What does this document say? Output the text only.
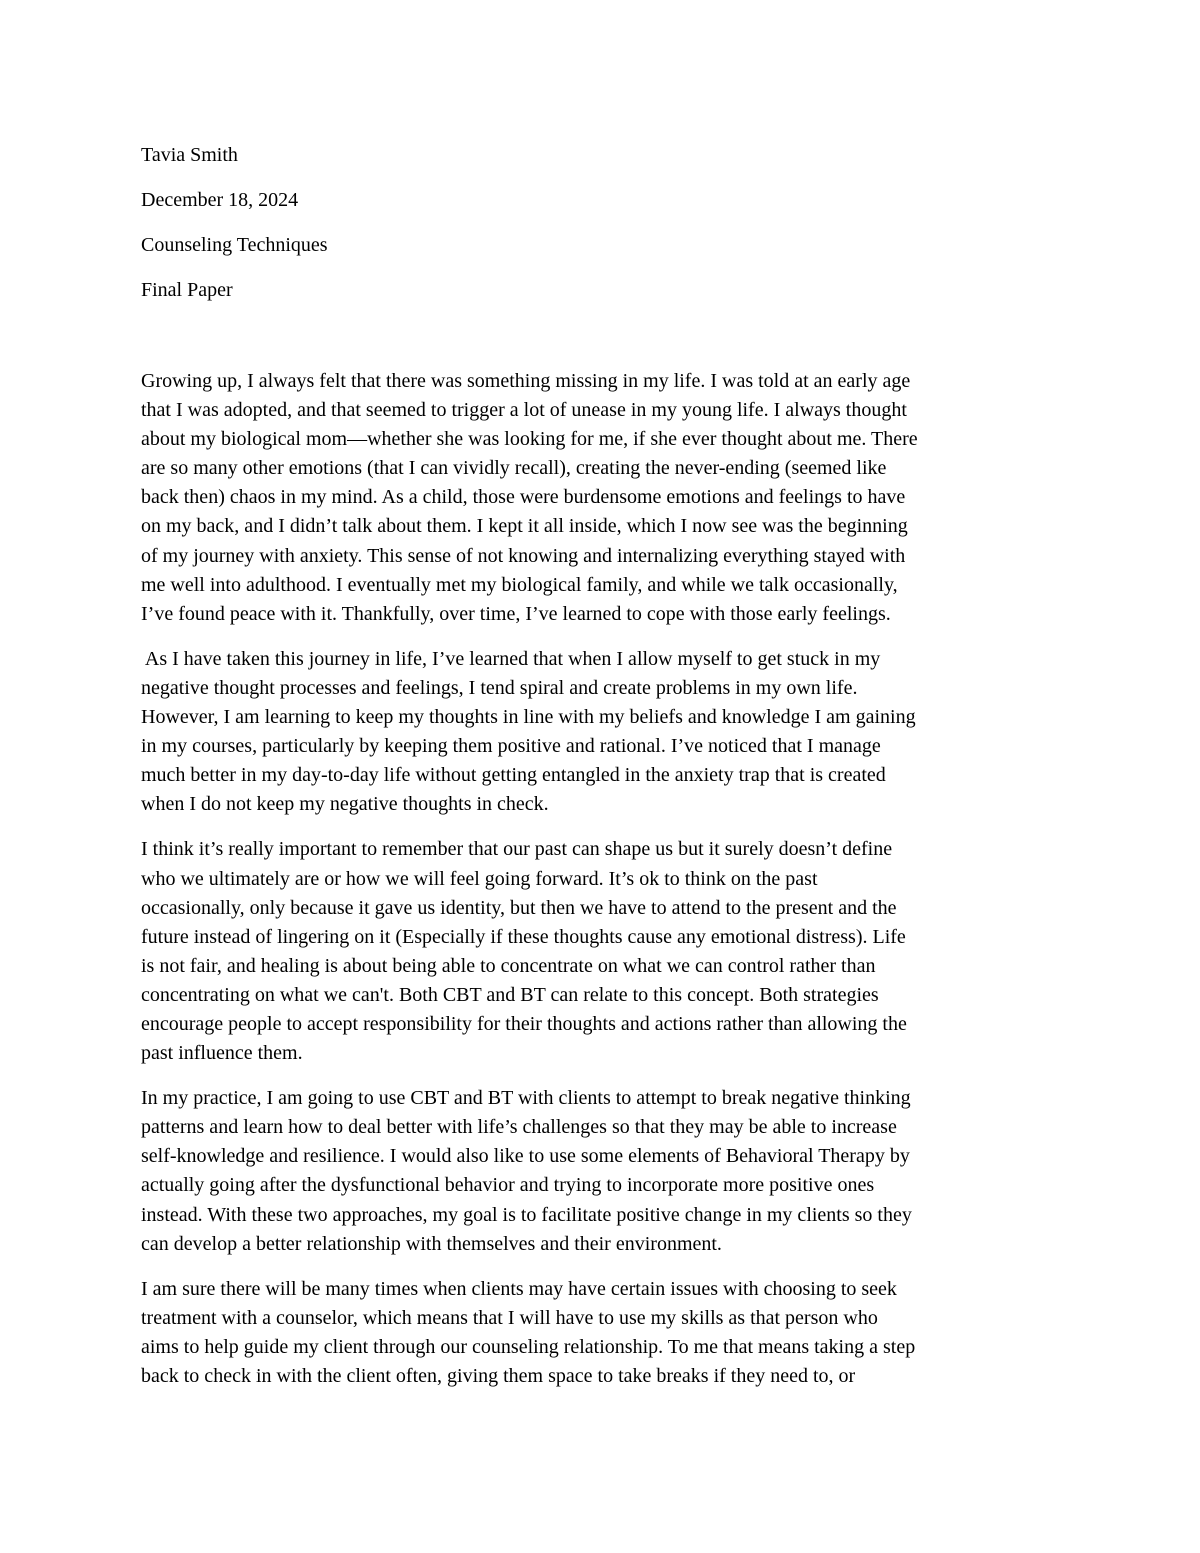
Tavia Smith
December 18, 2024
Counseling Techniques
Final Paper
Growing up, I always felt that there was something missing in my life. I was told at an early age
that I was adopted, and that seemed to trigger a lot of unease in my young life. I always thought
about my biological mom—whether she was looking for me, if she ever thought about me. There
are so many other emotions (that I can vividly recall), creating the never-ending (seemed like
back then) chaos in my mind. As a child, those were burdensome emotions and feelings to have
on my back, and I didn’t talk about them. I kept it all inside, which I now see was the beginning
of my journey with anxiety. This sense of not knowing and internalizing everything stayed with
me well into adulthood. I eventually met my biological family, and while we talk occasionally,
I’ve found peace with it. Thankfully, over time, I’ve learned to cope with those early feelings.
As I have taken this journey in life, I’ve learned that when I allow myself to get stuck in my
negative thought processes and feelings, I tend spiral and create problems in my own life.
However, I am learning to keep my thoughts in line with my beliefs and knowledge I am gaining
in my courses, particularly by keeping them positive and rational. I’ve noticed that I manage
much better in my day-to-day life without getting entangled in the anxiety trap that is created
when I do not keep my negative thoughts in check.
I think it’s really important to remember that our past can shape us but it surely doesn’t define
who we ultimately are or how we will feel going forward. It’s ok to think on the past
occasionally, only because it gave us identity, but then we have to attend to the present and the
future instead of lingering on it (Especially if these thoughts cause any emotional distress). Life
is not fair, and healing is about being able to concentrate on what we can control rather than
concentrating on what we can't. Both CBT and BT can relate to this concept. Both strategies
encourage people to accept responsibility for their thoughts and actions rather than allowing the
past influence them.
In my practice, I am going to use CBT and BT with clients to attempt to break negative thinking
patterns and learn how to deal better with life’s challenges so that they may be able to increase
self-knowledge and resilience. I would also like to use some elements of Behavioral Therapy by
actually going after the dysfunctional behavior and trying to incorporate more positive ones
instead. With these two approaches, my goal is to facilitate positive change in my clients so they
can develop a better relationship with themselves and their environment.
I am sure there will be many times when clients may have certain issues with choosing to seek
treatment with a counselor, which means that I will have to use my skills as that person who
aims to help guide my client through our counseling relationship. To me that means taking a step
back to check in with the client often, giving them space to take breaks if they need to, or
